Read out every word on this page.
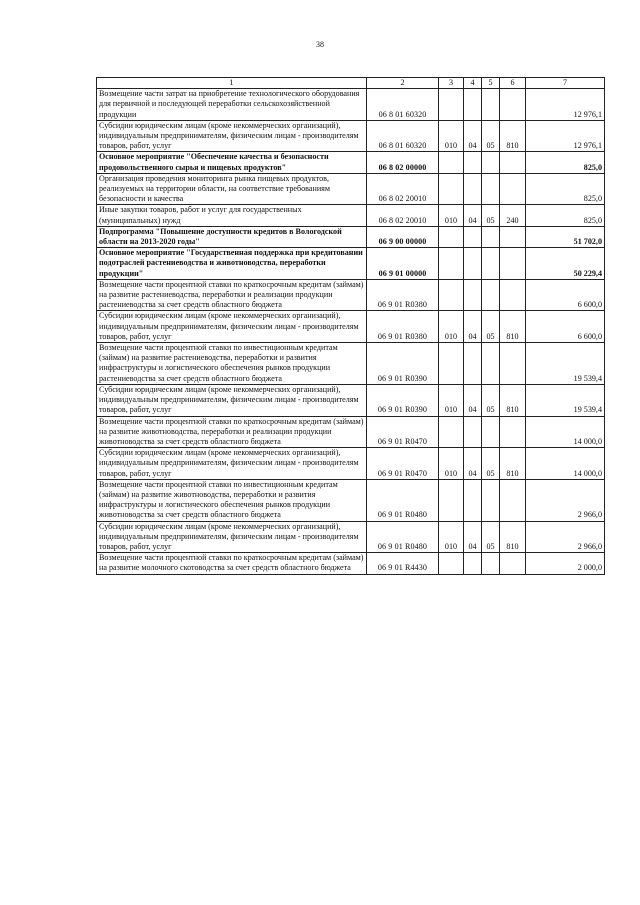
38
1	2	3	4	5	6	7
Возмещение части затрат на приобретение технологического оборудования для первичной и последующей переработки сельскохозяйственной продукции	06 8 01 60320					12 976,1
Субсидии юридическим лицам (кроме некоммерческих организаций), индивидуальным предпринимателям, физическим лицам - производителям товаров, работ, услуг	06 8 01 60320	010	04	05	810	12 976,1
Основное мероприятие "Обеспечение качества и безопасности продовольственного сырья и пищевых продуктов"	06 8 02 00000					825,0
Организация проведения мониторинга рынка пищевых продуктов, реализуемых на территории области, на соответствие требованиям безопасности и качества	06 8 02 20010					825,0
Иные закупки товаров, работ и услуг для государственных (муниципальных) нужд	06 8 02 20010	010	04	05	240	825,0
Подпрограмма "Повышение доступности кредитов в Вологодской области на 2013-2020 годы"	06 9 00 00000					51 702,0
Основное мероприятие "Государственная поддержка при кредитовании подотраслей растениеводства и животноводства, переработки продукции"	06 9 01 00000					50 229,4
Возмещение части процентной ставки по краткосрочным кредитам (займам) на развитие растениеводства, переработки и реализации продукции растениеводства за счет средств областного бюджета	06 9 01 R0380					6 600,0
Субсидии юридическим лицам (кроме некоммерческих организаций), индивидуальным предпринимателям, физическим лицам - производителям товаров, работ, услуг	06 9 01 R0380	010	04	05	810	6 600,0
Возмещение части процентной ставки по инвестиционным кредитам (займам) на развитие растениеводства, переработки и развития инфраструктуры и логистического обеспечения рынков продукции растениеводства за счет средств областного бюджета	06 9 01 R0390					19 539,4
Субсидии юридическим лицам (кроме некоммерческих организаций), индивидуальным предпринимателям, физическим лицам - производителям товаров, работ, услуг	06 9 01 R0390	010	04	05	810	19 539,4
Возмещение части процентной ставки по краткосрочным кредитам (займам) на развитие животноводства, переработки и реализации продукции животноводства за счет средств областного бюджета	06 9 01 R0470					14 000,0
Субсидии юридическим лицам (кроме некоммерческих организаций), индивидуальным предпринимателям, физическим лицам - производителям товаров, работ, услуг	06 9 01 R0470	010	04	05	810	14 000,0
Возмещение части процентной ставки по инвестиционным кредитам (займам) на развитие животноводства, переработки и развития инфраструктуры и логистического обеспечения рынков продукции животноводства за счет средств областного бюджета	06 9 01 R0480					2 966,0
Субсидии юридическим лицам (кроме некоммерческих организаций), индивидуальным предпринимателям, физическим лицам - производителям товаров, работ, услуг	06 9 01 R0480	010	04	05	810	2 966,0
Возмещение части процентной ставки по краткосрочным кредитам (займам) на развитие молочного скотоводства за счет средств областного бюджета	06 9 01 R4430					2 000,0
